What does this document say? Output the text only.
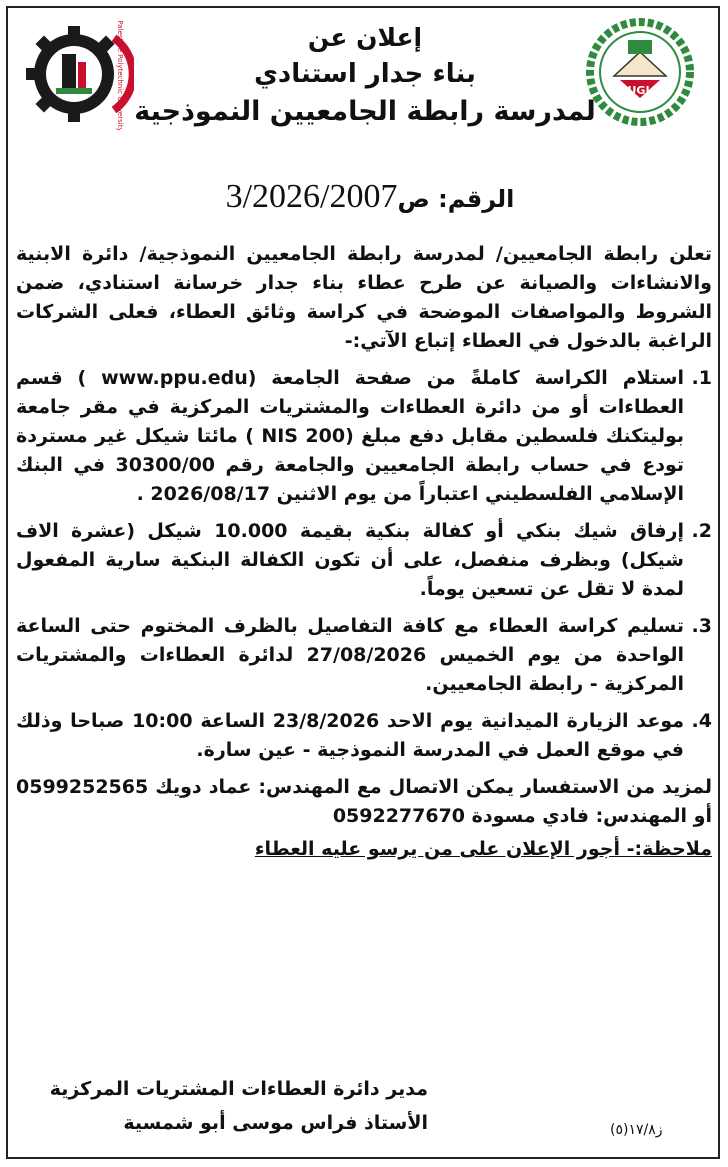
Palestine Polytechnic University	UGL
إعلان عن
بناء جدار استنادي
لمدرسة رابطة الجامعيين النموذجية
الرقم: ص3/2026/2007

تعلن رابطة الجامعيين/ لمدرسة رابطة الجامعيين النموذجية/ دائرة الابنية والانشاءات والصيانة عن طرح عطاء بناء جدار خرسانة استنادي، ضمن الشروط والمواصفات الموضحة في كراسة وثائق العطاء، فعلى الشركات الراغبة بالدخول في العطاء إتباع الآتي:-

1.
استلام الكراسة كاملةً من صفحة الجامعة (www.ppu.edu ) قسم العطاءات أو من دائرة العطاءات والمشتريات المركزية في مقر جامعة بوليتكنك فلسطين مقابل دفع مبلغ (200 NIS ) مائتا شيكل غير مستردة تودع في حساب رابطة الجامعيين والجامعة رقم 30300/00 في البنك الإسلامي الفلسطيني اعتباراً من يوم الاثنين 2026/08/17 .
2.
إرفاق شيك بنكي أو كفالة بنكية بقيمة 10.000 شيكل (عشرة الاف شيكل) وبظرف منفصل، على أن تكون الكفالة البنكية سارية المفعول لمدة لا تقل عن تسعين يوماً.
3.
تسليم كراسة العطاء مع كافة التفاصيل بالظرف المختوم حتى الساعة الواحدة من يوم الخميس 27/08/2026 لدائرة العطاءات والمشتريات المركزية - رابطة الجامعيين.
4.
موعد الزيارة الميدانية يوم الاحد 23/8/2026 الساعة 10:00 صباحا وذلك في موقع العمل في المدرسة النموذجية - عين سارة.
لمزيد من الاستفسار يمكن الاتصال مع المهندس: عماد دويك 0599252565 أو المهندس: فادي مسودة 0592277670
ملاحظة:- أجور الإعلان على من يرسو عليه العطاء
مدير دائرة العطاءات المشتريات المركزية
الأستاذ فراس موسى أبو شمسية	ز١٧/٨(٥)
